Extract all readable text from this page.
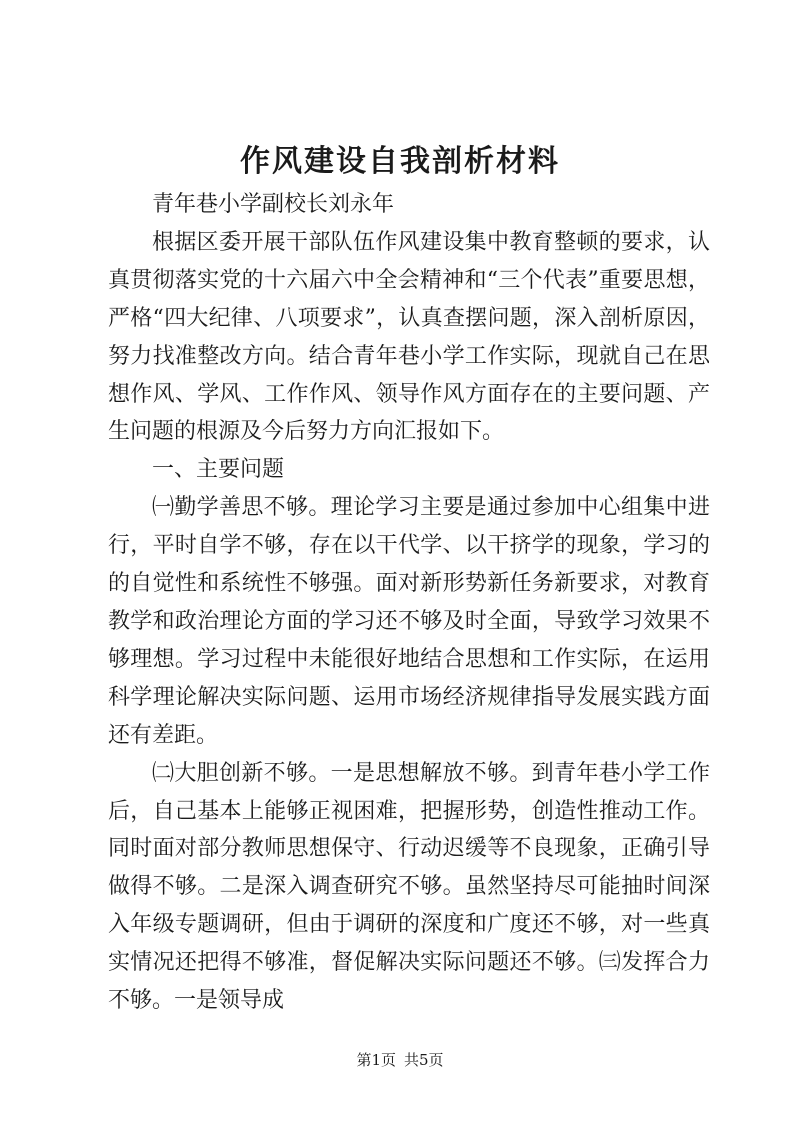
作风建设自我剖析材料

青年巷小学副校长刘永年

根据区委开展干部队伍作风建设集中教育整顿的要求，认真贯彻落实党的十六届六中全会精神和“三个代表”重要思想，严格“四大纪律、八项要求”，认真查摆问题，深入剖析原因，努力找准整改方向。结合青年巷小学工作实际，现就自己在思想作风、学风、工作作风、领导作风方面存在的主要问题、产生问题的根源及今后努力方向汇报如下。

一、主要问题

㈠勤学善思不够。理论学习主要是通过参加中心组集中进行，平时自学不够，存在以干代学、以干挤学的现象，学习的的自觉性和系统性不够强。面对新形势新任务新要求，对教育教学和政治理论方面的学习还不够及时全面，导致学习效果不够理想。学习过程中未能很好地结合思想和工作实际，在运用科学理论解决实际问题、运用市场经济规律指导发展实践方面还有差距。

㈡大胆创新不够。一是思想解放不够。到青年巷小学工作后，自己基本上能够正视困难，把握形势，创造性推动工作。同时面对部分教师思想保守、行动迟缓等不良现象，正确引导做得不够。二是深入调查研究不够。虽然坚持尽可能抽时间深入年级专题调研，但由于调研的深度和广度还不够，对一些真实情况还把得不够准，督促解决实际问题还不够。㈢发挥合力不够。一是领导成

第1页 共5页
